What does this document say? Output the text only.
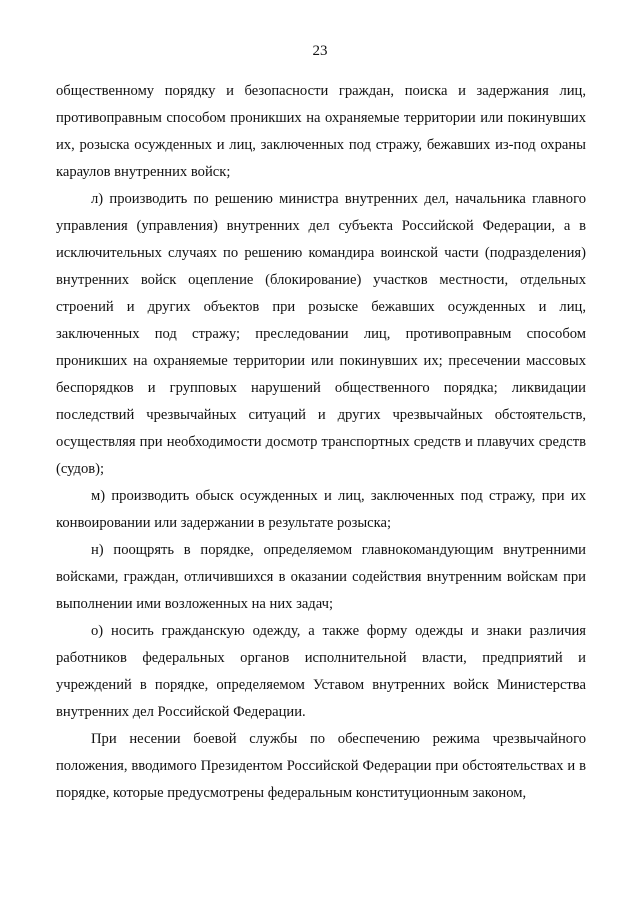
23

общественному порядку и безопасности граждан, поиска и задержания лиц, противоправным способом проникших на охраняемые территории или покинувших их, розыска осужденных и лиц, заключенных под стражу, бежавших из-под охраны караулов внутренних войск;

л) производить по решению министра внутренних дел, начальника главного управления (управления) внутренних дел субъекта Российской Федерации, а в исключительных случаях по решению командира воинской части (подразделения) внутренних войск оцепление (блокирование) участков местности, отдельных строений и других объектов при розыске бежавших осужденных и лиц, заключенных под стражу; преследовании лиц, противоправным способом проникших на охраняемые территории или покинувших их; пресечении массовых беспорядков и групповых нарушений общественного порядка; ликвидации последствий чрезвычайных ситуаций и других чрезвычайных обстоятельств, осуществляя при необходимости досмотр транспортных средств и плавучих средств (судов);

м) производить обыск осужденных и лиц, заключенных под стражу, при их конвоировании или задержании в результате розыска;

н) поощрять в порядке, определяемом главнокомандующим внутренними войсками, граждан, отличившихся в оказании содействия внутренним войскам при выполнении ими возложенных на них задач;

о) носить гражданскую одежду, а также форму одежды и знаки различия работников федеральных органов исполнительной власти, предприятий и учреждений в порядке, определяемом Уставом внутренних войск Министерства внутренних дел Российской Федерации.

При несении боевой службы по обеспечению режима чрезвычайного положения, вводимого Президентом Российской Федерации при обстоятельствах и в порядке, которые предусмотрены федеральным конституционным законом,
